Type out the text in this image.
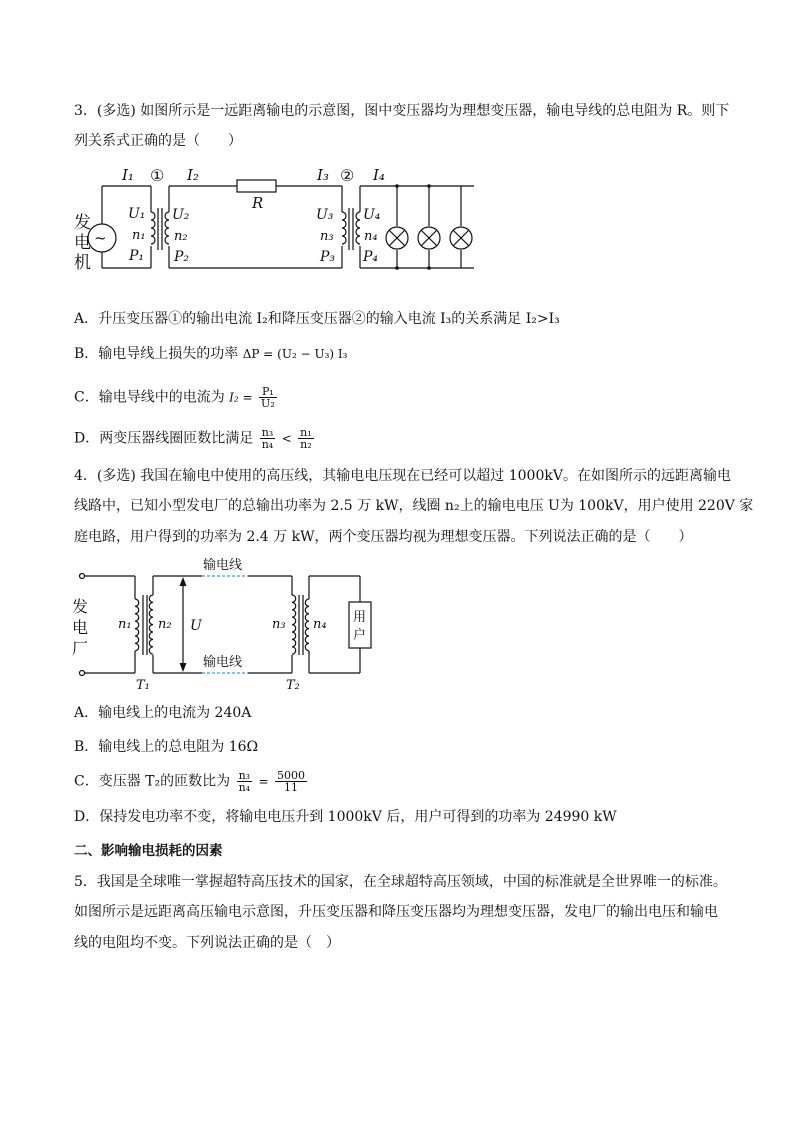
3．(多选) 如图所示是一远距离输电的示意图，图中变压器均为理想变压器，输电导线的总电阻为 R。则下
列关系式正确的是（　　）
~
发
电
机
I₁ ① I₂
R
I₃ ② I₄
U₁
n₁
P₁
U₂
n₂
P₂
U₃
n₃
P₃
U₄
n₄
P₄
A．升压变压器①的输出电流 I₂和降压变压器②的输入电流 I₃的关系满足 I₂>I₃
B．输电导线上损失的功率 ΔP = (U₂ − U₃) I₃
C．输电导线中的电流为 $I_2 = \frac{\text{P₁}}{\text{U₂}}$
D．两变压器线圈匝数比满足 $\frac{\text{n₃}}{\text{n₄}} < \frac{\text{n₁}}{\text{n₂}}$
4．(多选) 我国在输电中使用的高压线，其输电电压现在已经可以超过 1000kV。在如图所示的远距离输电
线路中，已知小型发电厂的总输出功率为 2.5 万 kW，线圈 n₂上的输电电压 U为 100kV，用户使用 220V 家
庭电路，用户得到的功率为 2.4 万 kW，两个变压器均视为理想变压器。下列说法正确的是（　　）
输电线
输电线
发
电
厂
n₁ n₂ U	n₃ n₄
T₁	T₂
用
户
A．输电线上的电流为 240A
B．输电线上的总电阻为 16Ω
C．变压器 T₂的匝数比为 $\frac{\text{n₃}}{\text{n₄}} = \frac{5000}{11}$
D．保持发电功率不变，将输电电压升到 1000kV 后，用户可得到的功率为 24990 kW
二、影响输电损耗的因素
5．我国是全球唯一掌握超特高压技术的国家，在全球超特高压领域，中国的标准就是全世界唯一的标准。
如图所示是远距离高压输电示意图，升压变压器和降压变压器均为理想变压器，发电厂的输出电压和输电
线的电阻均不变。下列说法正确的是（　）
